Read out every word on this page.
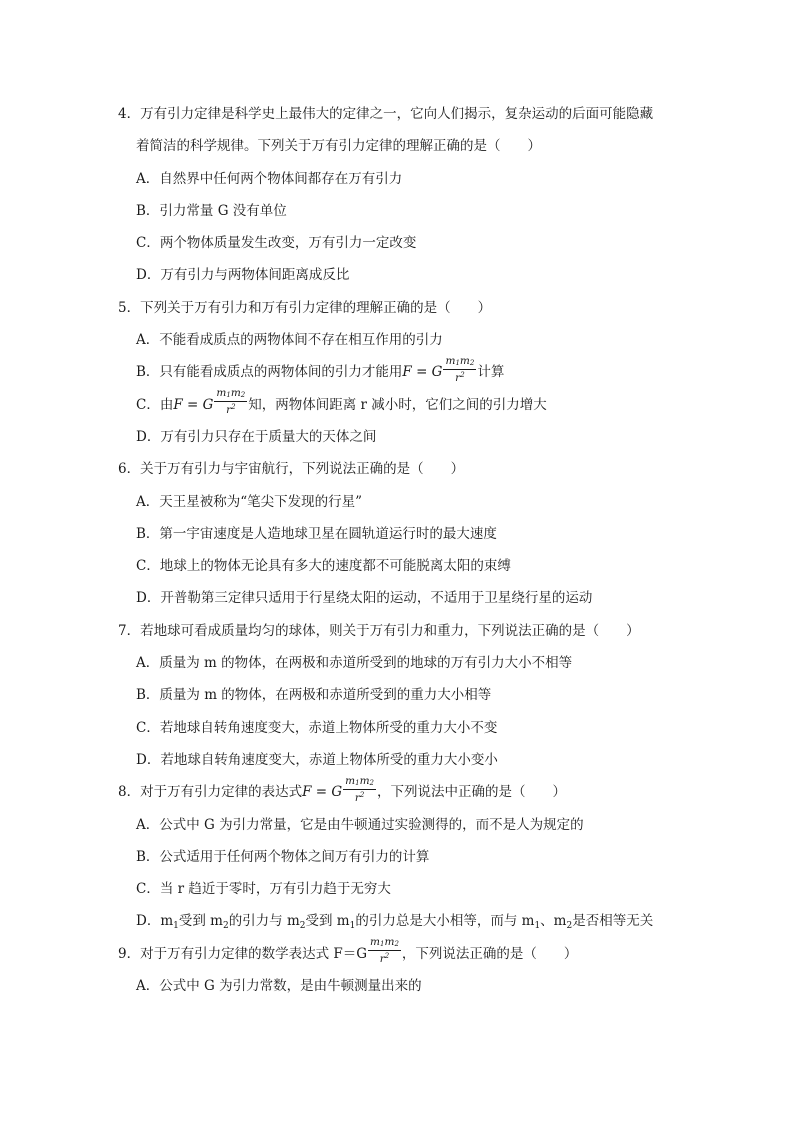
4．万有引力定律是科学史上最伟大的定律之一，它向人们揭示，复杂运动的后面可能隐藏
着简洁的科学规律。下列关于万有引力定律的理解正确的是（　　）
A．自然界中任何两个物体间都存在万有引力
B．引力常量 G 没有单位
C．两个物体质量发生改变，万有引力一定改变
D．万有引力与两物体间距离成反比
5．下列关于万有引力和万有引力定律的理解正确的是（　　）
A．不能看成质点的两物体间不存在相互作用的引力
B．只有能看成质点的两物体间的引力才能用F = G $\frac{m_1m_2}{r^2}$ 计算
C．由F = G $\frac{m_1m_2}{r^2}$ 知，两物体间距离 r 减小时，它们之间的引力增大
D．万有引力只存在于质量大的天体之间
6．关于万有引力与宇宙航行，下列说法正确的是（　　）
A．天王星被称为“笔尖下发现的行星”
B．第一宇宙速度是人造地球卫星在圆轨道运行时的最大速度
C．地球上的物体无论具有多大的速度都不可能脱离太阳的束缚
D．开普勒第三定律只适用于行星绕太阳的运动，不适用于卫星绕行星的运动
7．若地球可看成质量均匀的球体，则关于万有引力和重力，下列说法正确的是（　　）
A．质量为 m 的物体，在两极和赤道所受到的地球的万有引力大小不相等
B．质量为 m 的物体，在两极和赤道所受到的重力大小相等
C．若地球自转角速度变大，赤道上物体所受的重力大小不变
D．若地球自转角速度变大，赤道上物体所受的重力大小变小
8．对于万有引力定律的表达式F = G $\frac{m_1m_2}{r^2}$ ，下列说法中正确的是（　　）
A．公式中 G 为引力常量，它是由牛顿通过实验测得的，而不是人为规定的
B．公式适用于任何两个物体之间万有引力的计算
C．当 r 趋近于零时，万有引力趋于无穷大
D．$m_1$受到 $m_2$的引力与 $m_2$受到 $m_1$的引力总是大小相等，而与 $m_1$、$m_2$是否相等无关
9．对于万有引力定律的数学表达式 $F=G \frac{m_1m_2}{r^2}$ ，下列说法正确的是（　　）
A．公式中 G 为引力常数，是由牛顿测量出来的
